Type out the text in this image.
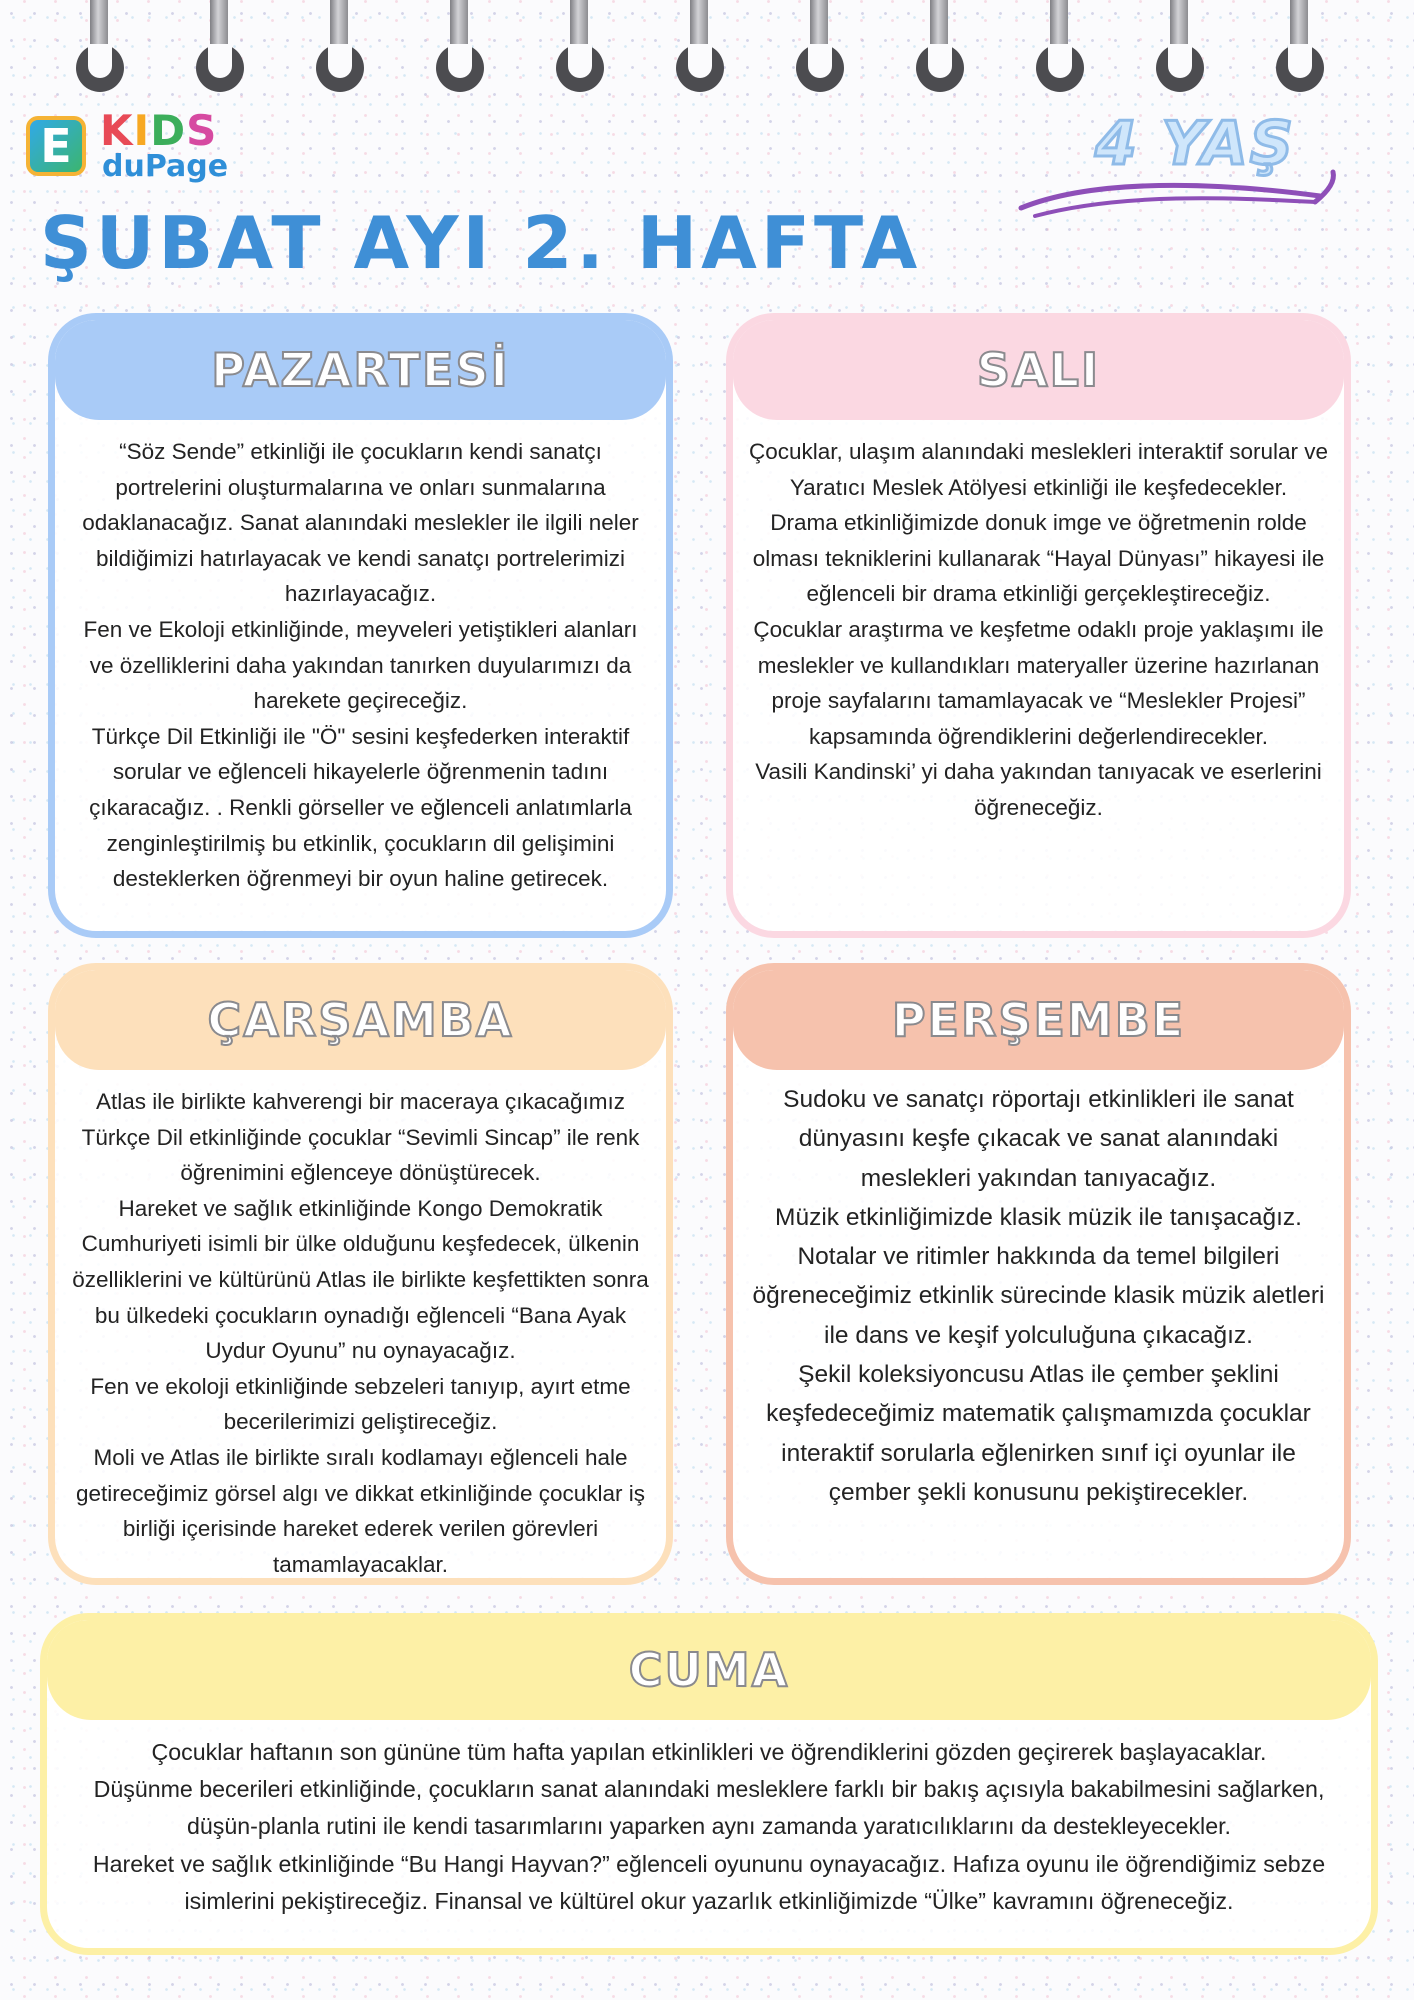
E KIDS
duPage	4 YAŞ
ŞUBAT AYI 2. HAFTA
PAZARTESİ

“Söz Sende” etkinliği ile çocukların kendi sanatçı portrelerini oluşturmalarına ve onları sunmalarına odaklanacağız. Sanat alanındaki meslekler ile ilgili neler bildiğimizi hatırlayacak ve kendi sanatçı portrelerimizi hazırlayacağız.

Fen ve Ekoloji etkinliğinde, meyveleri yetiştikleri alanları ve özelliklerini daha yakından tanırken duyularımızı da harekete geçireceğiz.

Türkçe Dil Etkinliği ile "Ö" sesini keşfederken interaktif sorular ve eğlenceli hikayelerle öğrenmenin tadını çıkaracağız. . Renkli görseller ve eğlenceli anlatımlarla zenginleştirilmiş bu etkinlik, çocukların dil gelişimini desteklerken öğrenmeyi bir oyun haline getirecek.

SALI

Çocuklar, ulaşım alanındaki meslekleri interaktif sorular ve Yaratıcı Meslek Atölyesi etkinliği ile keşfedecekler.

Drama etkinliğimizde donuk imge ve öğretmenin rolde olması tekniklerini kullanarak “Hayal Dünyası” hikayesi ile eğlenceli bir drama etkinliği gerçekleştireceğiz.

Çocuklar araştırma ve keşfetme odaklı proje yaklaşımı ile meslekler ve kullandıkları materyaller üzerine hazırlanan proje sayfalarını tamamlayacak ve “Meslekler Projesi” kapsamında öğrendiklerini değerlendirecekler.

Vasili Kandinski’ yi daha yakından tanıyacak ve eserlerini öğreneceğiz.

ÇARŞAMBA

Atlas ile birlikte kahverengi bir maceraya çıkacağımız Türkçe Dil etkinliğinde çocuklar “Sevimli Sincap” ile renk öğrenimini eğlenceye dönüştürecek.

Hareket ve sağlık etkinliğinde Kongo Demokratik Cumhuriyeti isimli bir ülke olduğunu keşfedecek, ülkenin özelliklerini ve kültürünü Atlas ile birlikte keşfettikten sonra bu ülkedeki çocukların oynadığı eğlenceli “Bana Ayak Uydur Oyunu” nu oynayacağız.

Fen ve ekoloji etkinliğinde sebzeleri tanıyıp, ayırt etme becerilerimizi geliştireceğiz.

Moli ve Atlas ile birlikte sıralı kodlamayı eğlenceli hale getireceğimiz görsel algı ve dikkat etkinliğinde çocuklar iş birliği içerisinde hareket ederek verilen görevleri tamamlayacaklar.

PERŞEMBE

Sudoku ve sanatçı röportajı etkinlikleri ile sanat dünyasını keşfe çıkacak ve sanat alanındaki meslekleri yakından tanıyacağız.

Müzik etkinliğimizde klasik müzik ile tanışacağız. Notalar ve ritimler hakkında da temel bilgileri öğreneceğimiz etkinlik sürecinde klasik müzik aletleri ile dans ve keşif yolculuğuna çıkacağız.

Şekil koleksiyoncusu Atlas ile çember şeklini keşfedeceğimiz matematik çalışmamızda çocuklar interaktif sorularla eğlenirken sınıf içi oyunlar ile çember şekli konusunu pekiştirecekler.

CUMA

Çocuklar haftanın son gününe tüm hafta yapılan etkinlikleri ve öğrendiklerini gözden geçirerek başlayacaklar.

Düşünme becerileri etkinliğinde, çocukların sanat alanındaki mesleklere farklı bir bakış açısıyla bakabilmesini sağlarken, düşün-planla rutini ile kendi tasarımlarını yaparken aynı zamanda yaratıcılıklarını da destekleyecekler.

Hareket ve sağlık etkinliğinde “Bu Hangi Hayvan?” eğlenceli oyununu oynayacağız. Hafıza oyunu ile öğrendiğimiz sebze isimlerini pekiştireceğiz. Finansal ve kültürel okur yazarlık etkinliğimizde “Ülke” kavramını öğreneceğiz.
